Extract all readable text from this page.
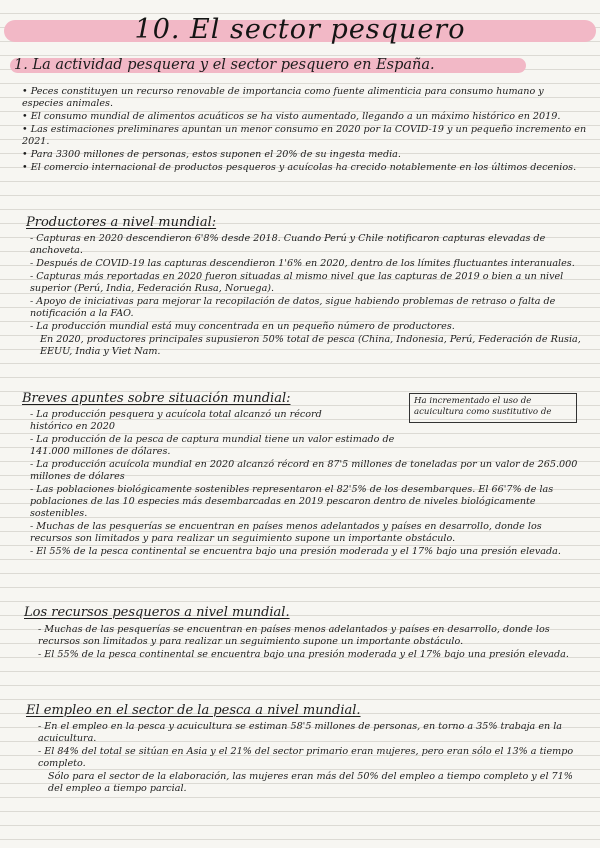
10. El sector pesquero
1. La actividad pesquera y el sector pesquero en España.

• Peces constituyen un recurso renovable de importancia como fuente alimenticia para consumo humano y especies animales.

• El consumo mundial de alimentos acuáticos se ha visto aumentado, llegando a un máximo histórico en 2019.

• Las estimaciones preliminares apuntan un menor consumo en 2020 por la COVID-19 y un pequeño incremento en 2021.

• Para 3300 millones de personas, estos suponen el 20% de su ingesta media.

• El comercio internacional de productos pesqueros y acuícolas ha crecido notablemente en los últimos decenios.

Productores a nivel mundial:

- Capturas en 2020 descendieron 6'8% desde 2018. Cuando Perú y Chile notificaron capturas elevadas de anchoveta.

- Después de COVID-19 las capturas descendieron 1'6% en 2020, dentro de los límites fluctuantes interanuales.

- Capturas más reportadas en 2020 fueron situadas al mismo nivel que las capturas de 2019 o bien a un nivel superior (Perú, India, Federación Rusa, Noruega).

- Apoyo de iniciativas para mejorar la recopilación de datos, sigue habiendo problemas de retraso o falta de notificación a la FAO.

- La producción mundial está muy concentrada en un pequeño número de productores.

En 2020, productores principales supusieron 50% total de pesca (China, Indonesia, Perú, Federación de Rusia, EEUU, India y Viet Nam.

Breves apuntes sobre situación mundial:	Ha incrementado el uso de acuicultura como sustitutivo de

- La producción pesquera y acuícola total alcanzó un récord histórico en 2020

- La producción de la pesca de captura mundial tiene un valor estimado de 141.000 millones de dólares.

- La producción acuícola mundial en 2020 alcanzó récord en 87'5 millones de toneladas por un valor de 265.000 millones de dólares

- Las poblaciones biológicamente sostenibles representaron el 82'5% de los desembarques. El 66'7% de las poblaciones de las 10 especies más desembarcadas en 2019 pescaron dentro de niveles biológicamente sostenibles.

- Muchas de las pesquerías se encuentran en países menos adelantados y países en desarrollo, donde los recursos son limitados y para realizar un seguimiento supone un importante obstáculo.

- El 55% de la pesca continental se encuentra bajo una presión moderada y el 17% bajo una presión elevada.

Los recursos pesqueros a nivel mundial.

- Muchas de las pesquerías se encuentran en países menos adelantados y países en desarrollo, donde los recursos son limitados y para realizar un seguimiento supone un importante obstáculo.

- El 55% de la pesca continental se encuentra bajo una presión moderada y el 17% bajo una presión elevada.

El empleo en el sector de la pesca a nivel mundial.

- En el empleo en la pesca y acuicultura se estiman 58'5 millones de personas, en torno a 35% trabaja en la acuicultura.

- El 84% del total se sitúan en Asia y el 21% del sector primario eran mujeres, pero eran sólo el 13% a tiempo completo.

Sólo para el sector de la elaboración, las mujeres eran más del 50% del empleo a tiempo completo y el 71% del empleo a tiempo parcial.
